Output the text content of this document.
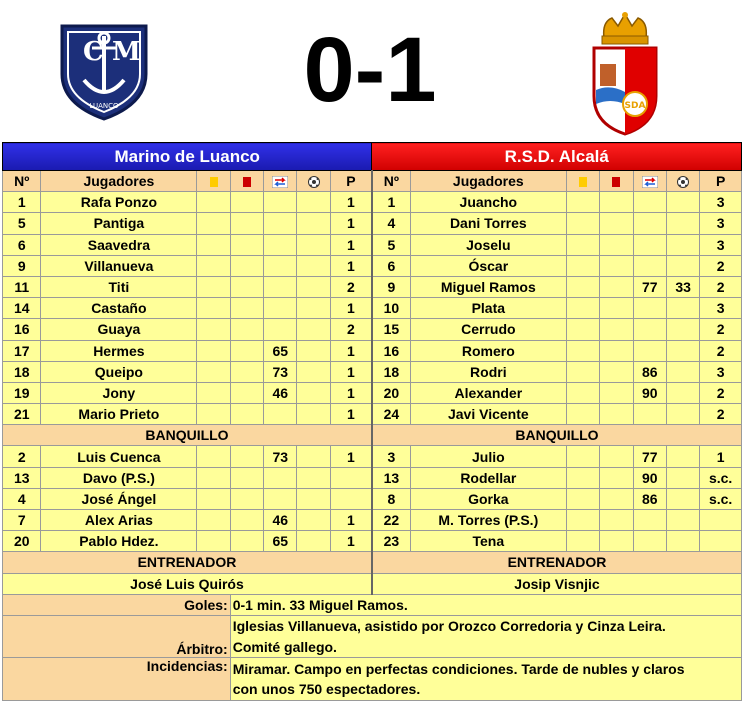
C M
LUANCO 0-1	SDA
Marino de Luanco							R.S.D. Alcalá						
Nº	Jugadores					P	Nº	Jugadores					P
1	Rafa Ponzo					1	1	Juancho					3
5	Pantiga					1	4	Dani Torres					3
6	Saavedra					1	5	Joselu					3
9	Villanueva					1	6	Óscar					2
11	Titi					2	9	Miguel Ramos			77	33	2
14	Castaño					1	10	Plata					3
16	Guaya					2	15	Cerrudo					2
17	Hermes			65		1	16	Romero					2
18	Queipo			73		1	18	Rodri			86		3
19	Jony			46		1	20	Alexander			90		2
21	Mario Prieto					1	24	Javi Vicente					2
BANQUILLO							BANQUILLO						
2	Luis Cuenca			73		1	3	Julio			77		1
13	Davo (P.S.)						13	Rodellar			90		s.c.
4	José Ángel						8	Gorka			86		s.c.
7	Alex Arias			46		1	22	M. Torres (P.S.)					
20	Pablo Hdez.			65		1	23	Tena					
ENTRENADOR							ENTRENADOR						
José Luis Quirós							Josip Visnjic						
Goles:			0-1 min. 33 Miguel Ramos.										
Árbitro:			Iglesias Villanueva, asistido por Orozco Corredoria y Cinza Leira.										
			Comité gallego.										
Incidencias:			Miramar. Campo en perfectas condiciones. Tarde de nubles y claros										
			con unos 750 espectadores.										
